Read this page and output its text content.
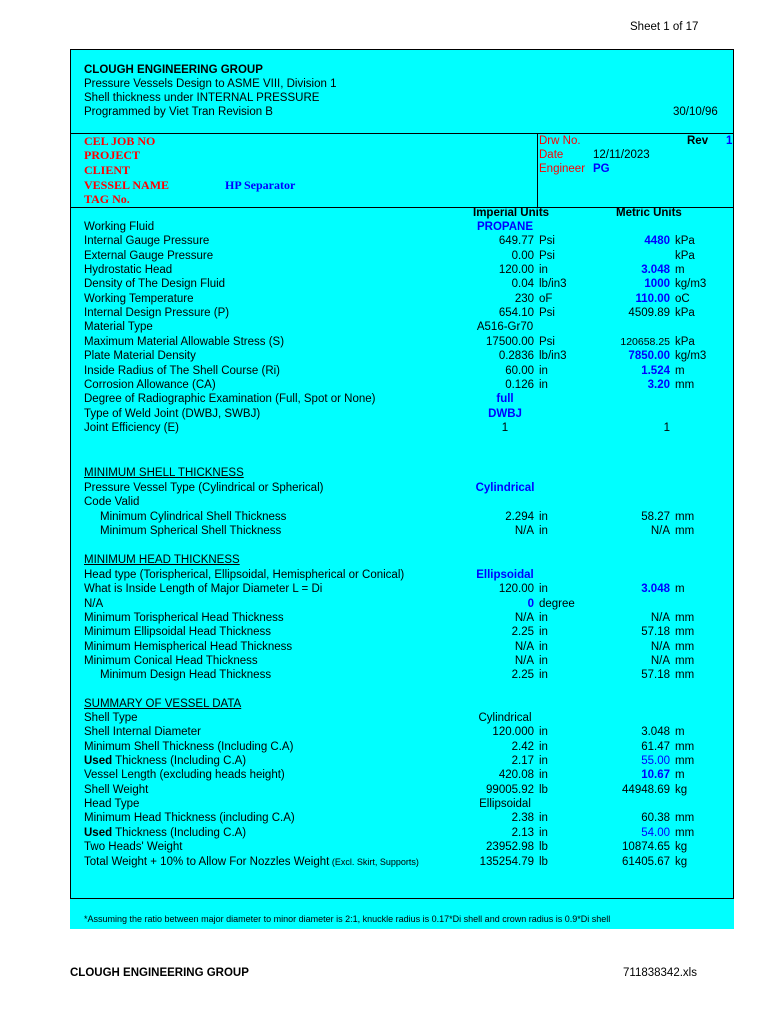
Sheet 1 of 17
CLOUGH ENGINEERING GROUP
Pressure Vessels Design to ASME VIII, Division 1
Shell thickness under INTERNAL PRESSURE
Programmed by Viet Tran Revision B	30/10/96
CEL JOB NO
PROJECT
CLIENT
VESSEL NAME	HP Separator
TAG No.
Drw No.	Rev 1
Date	12/11/2023
Engineer PG
Imperial Units	Metric Units
Working Fluid	PROPANE
Internal Gauge Pressure	649.77 Psi	4480 kPa
External Gauge Pressure	0.00 Psi	kPa
Hydrostatic Head	120.00 in	3.048 m
Density of The Design Fluid	0.04 lb/in3	1000 kg/m3
Working Temperature	230 oF	110.00 oC
Internal Design Pressure (P)	654.10 Psi	4509.89 kPa
Material Type	A516-Gr70
Maximum Material Allowable Stress (S)	17500.00 Psi	120658.25 kPa
Plate Material Density	0.2836 lb/in3	7850.00 kg/m3
Inside Radius of The Shell Course (Ri)	60.00 in	1.524 m
Corrosion Allowance (CA)	0.126 in	3.20 mm
Degree of Radiographic Examination (Full, Spot or None)	full
Type of Weld Joint (DWBJ, SWBJ)	DWBJ
Joint Efficiency (E)	1	1
Pressure Vessel Type (Cylindrical or Spherical)	Cylindrical
Code Valid
Minimum Cylindrical Shell Thickness	2.294 in	58.27 mm
Minimum Spherical Shell Thickness	N/A in	N/A mm
Head type (Torispherical, Ellipsoidal, Hemispherical or Conical)	Ellipsoidal
What is Inside Length of Major Diameter L = Di	120.00 in	3.048 m
N/A	0 degree
Minimum Torispherical Head Thickness	N/A in	N/A mm
Minimum Ellipsoidal Head Thickness	2.25 in	57.18 mm
Minimum Hemispherical Head Thickness	N/A in	N/A mm
Minimum Conical Head Thickness	N/A in	N/A mm
Minimum Design Head Thickness	2.25 in	57.18 mm
Shell Type	Cylindrical
Shell Internal Diameter	120.000 in	3.048 m
Minimum Shell Thickness (Including C.A)	2.42 in	61.47 mm
Used Thickness (Including C.A)	2.17 in	55.00 mm
Vessel Length (excluding heads height)	420.08 in	10.67 m
Shell Weight	99005.92 lb	44948.69 kg
Head Type	Ellipsoidal
Minimum Head Thickness (including C.A)	2.38 in	60.38 mm
Used Thickness (Including C.A)	2.13 in	54.00 mm
Two Heads' Weight	23952.98 lb	10874.65 kg
Total Weight + 10% to Allow For Nozzles Weight (Excl. Skirt, Supports)	135254.79 lb	61405.67 kg
MINIMUM SHELL THICKNESS
MINIMUM HEAD THICKNESS
SUMMARY OF VESSEL DATA
*Assuming the ratio between major diameter to minor diameter is 2:1, knuckle radius is 0.17*Di shell and crown radius is 0.9*Di shell
CLOUGH ENGINEERING GROUP	711838342.xls
